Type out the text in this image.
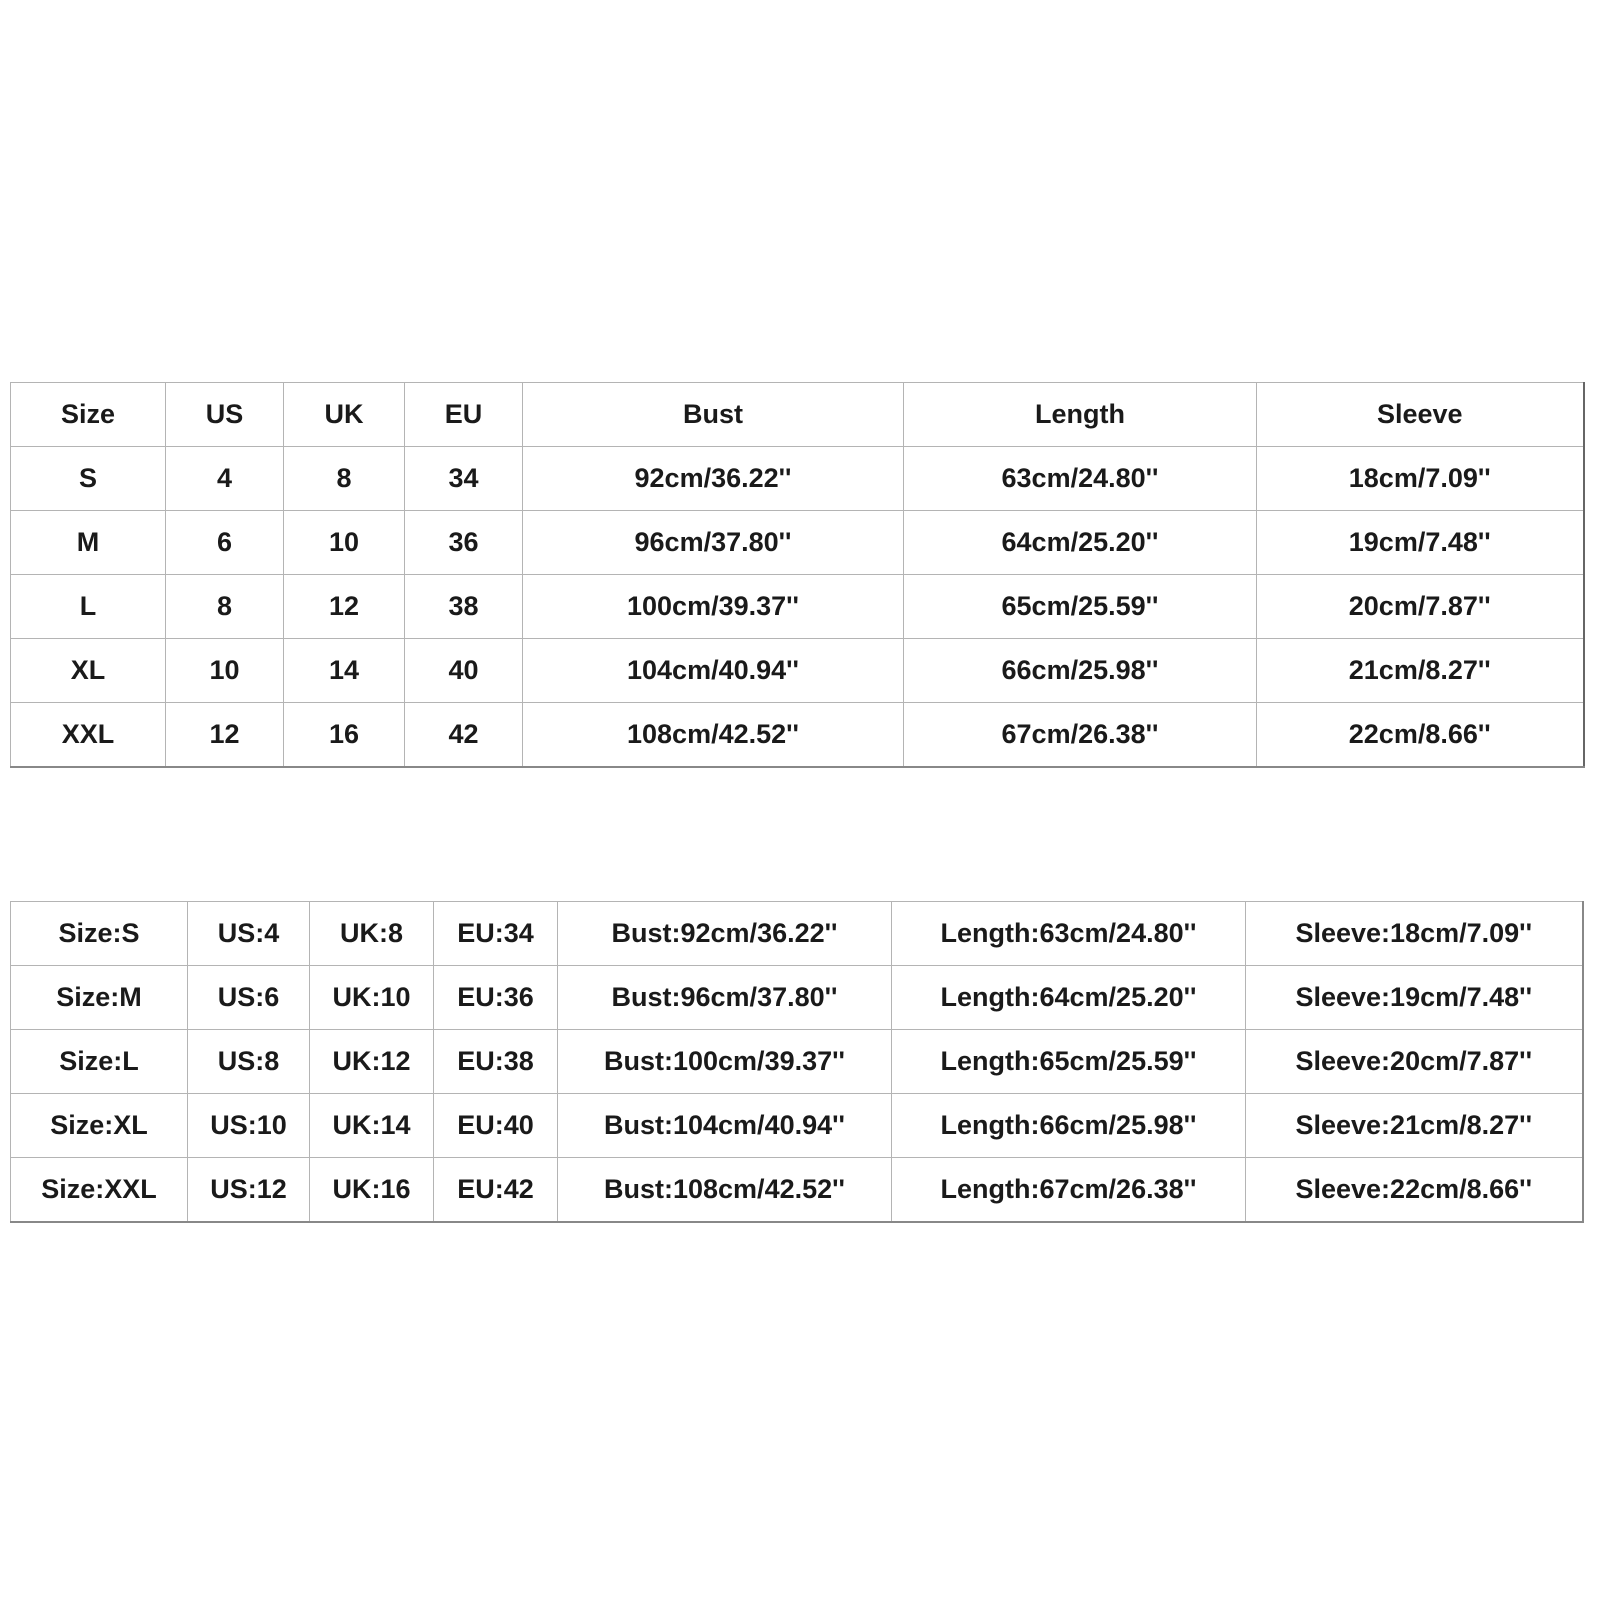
Size	US	UK	EU	Bust	Length	Sleeve
S	4	8	34	92cm/36.22''	63cm/24.80''	18cm/7.09''
M	6	10	36	96cm/37.80''	64cm/25.20''	19cm/7.48''
L	8	12	38	100cm/39.37''	65cm/25.59''	20cm/7.87''
XL	10	14	40	104cm/40.94''	66cm/25.98''	21cm/8.27''
XXL	12	16	42	108cm/42.52''	67cm/26.38''	22cm/8.66''
Size:S	US:4	UK:8	EU:34	Bust:92cm/36.22''	Length:63cm/24.80''	Sleeve:18cm/7.09''
Size:M	US:6	UK:10	EU:36	Bust:96cm/37.80''	Length:64cm/25.20''	Sleeve:19cm/7.48''
Size:L	US:8	UK:12	EU:38	Bust:100cm/39.37''	Length:65cm/25.59''	Sleeve:20cm/7.87''
Size:XL	US:10	UK:14	EU:40	Bust:104cm/40.94''	Length:66cm/25.98''	Sleeve:21cm/8.27''
Size:XXL	US:12	UK:16	EU:42	Bust:108cm/42.52''	Length:67cm/26.38''	Sleeve:22cm/8.66''
